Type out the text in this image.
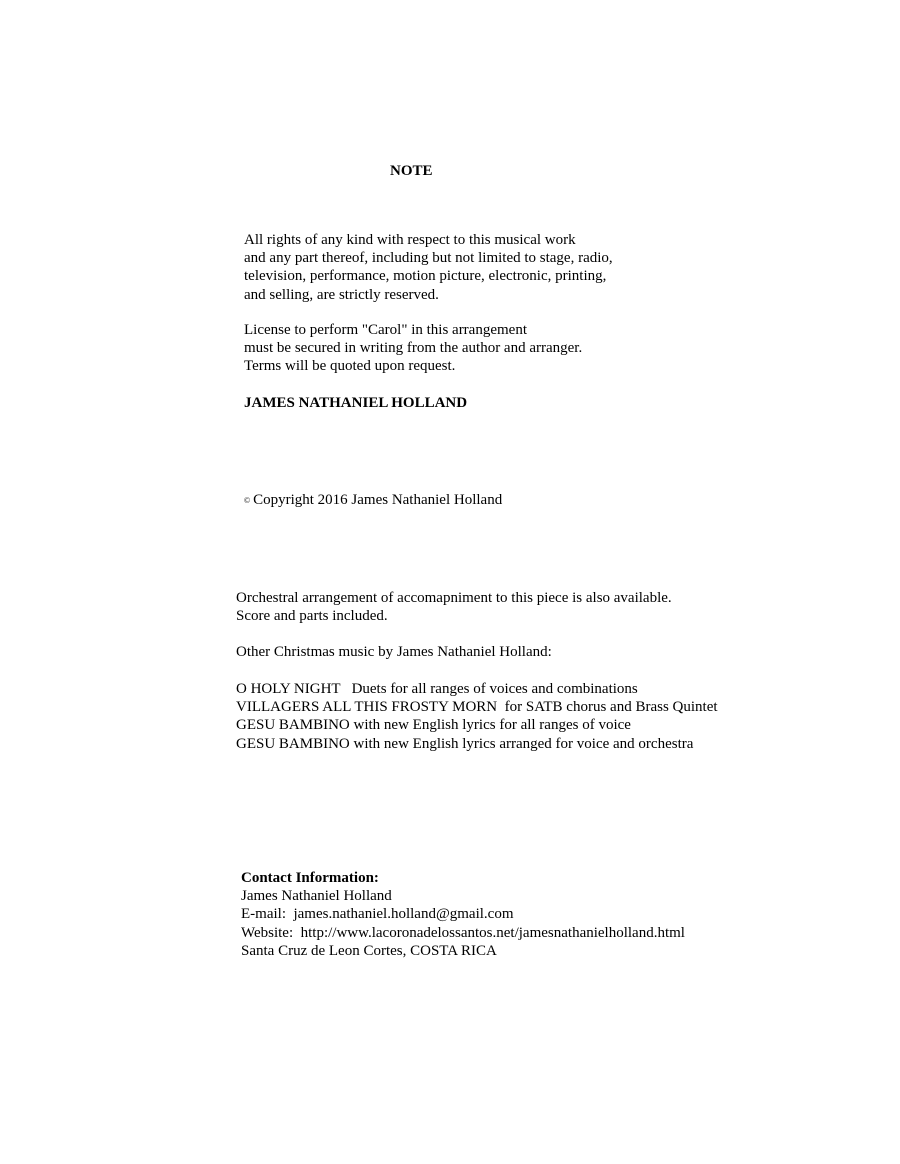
NOTE

All rights of any kind with respect to this musical work
and any part thereof, including but not limited to stage, radio,
television, performance, motion picture, electronic, printing,
and selling, are strictly reserved.
License to perform "Carol" in this arrangement
must be secured in writing from the author and arranger.
Terms will be quoted upon request.

JAMES NATHANIEL HOLLAND

© Copyright 2016 James Nathaniel Holland

Orchestral arrangement of accomapniment to this piece is also available.
Score and parts included.

Other Christmas music by James Nathaniel Holland:

O HOLY NIGHT   Duets for all ranges of voices and combinations
VILLAGERS ALL THIS FROSTY MORN  for SATB chorus and Brass Quintet
GESU BAMBINO with new English lyrics for all ranges of voice
GESU BAMBINO with new English lyrics arranged for voice and orchestra
Contact Information:
James Nathaniel Holland
E-mail:  james.nathaniel.holland@gmail.com
Website:  http://www.lacoronadelossantos.net/jamesnathanielholland.html
Santa Cruz de Leon Cortes, COSTA RICA
